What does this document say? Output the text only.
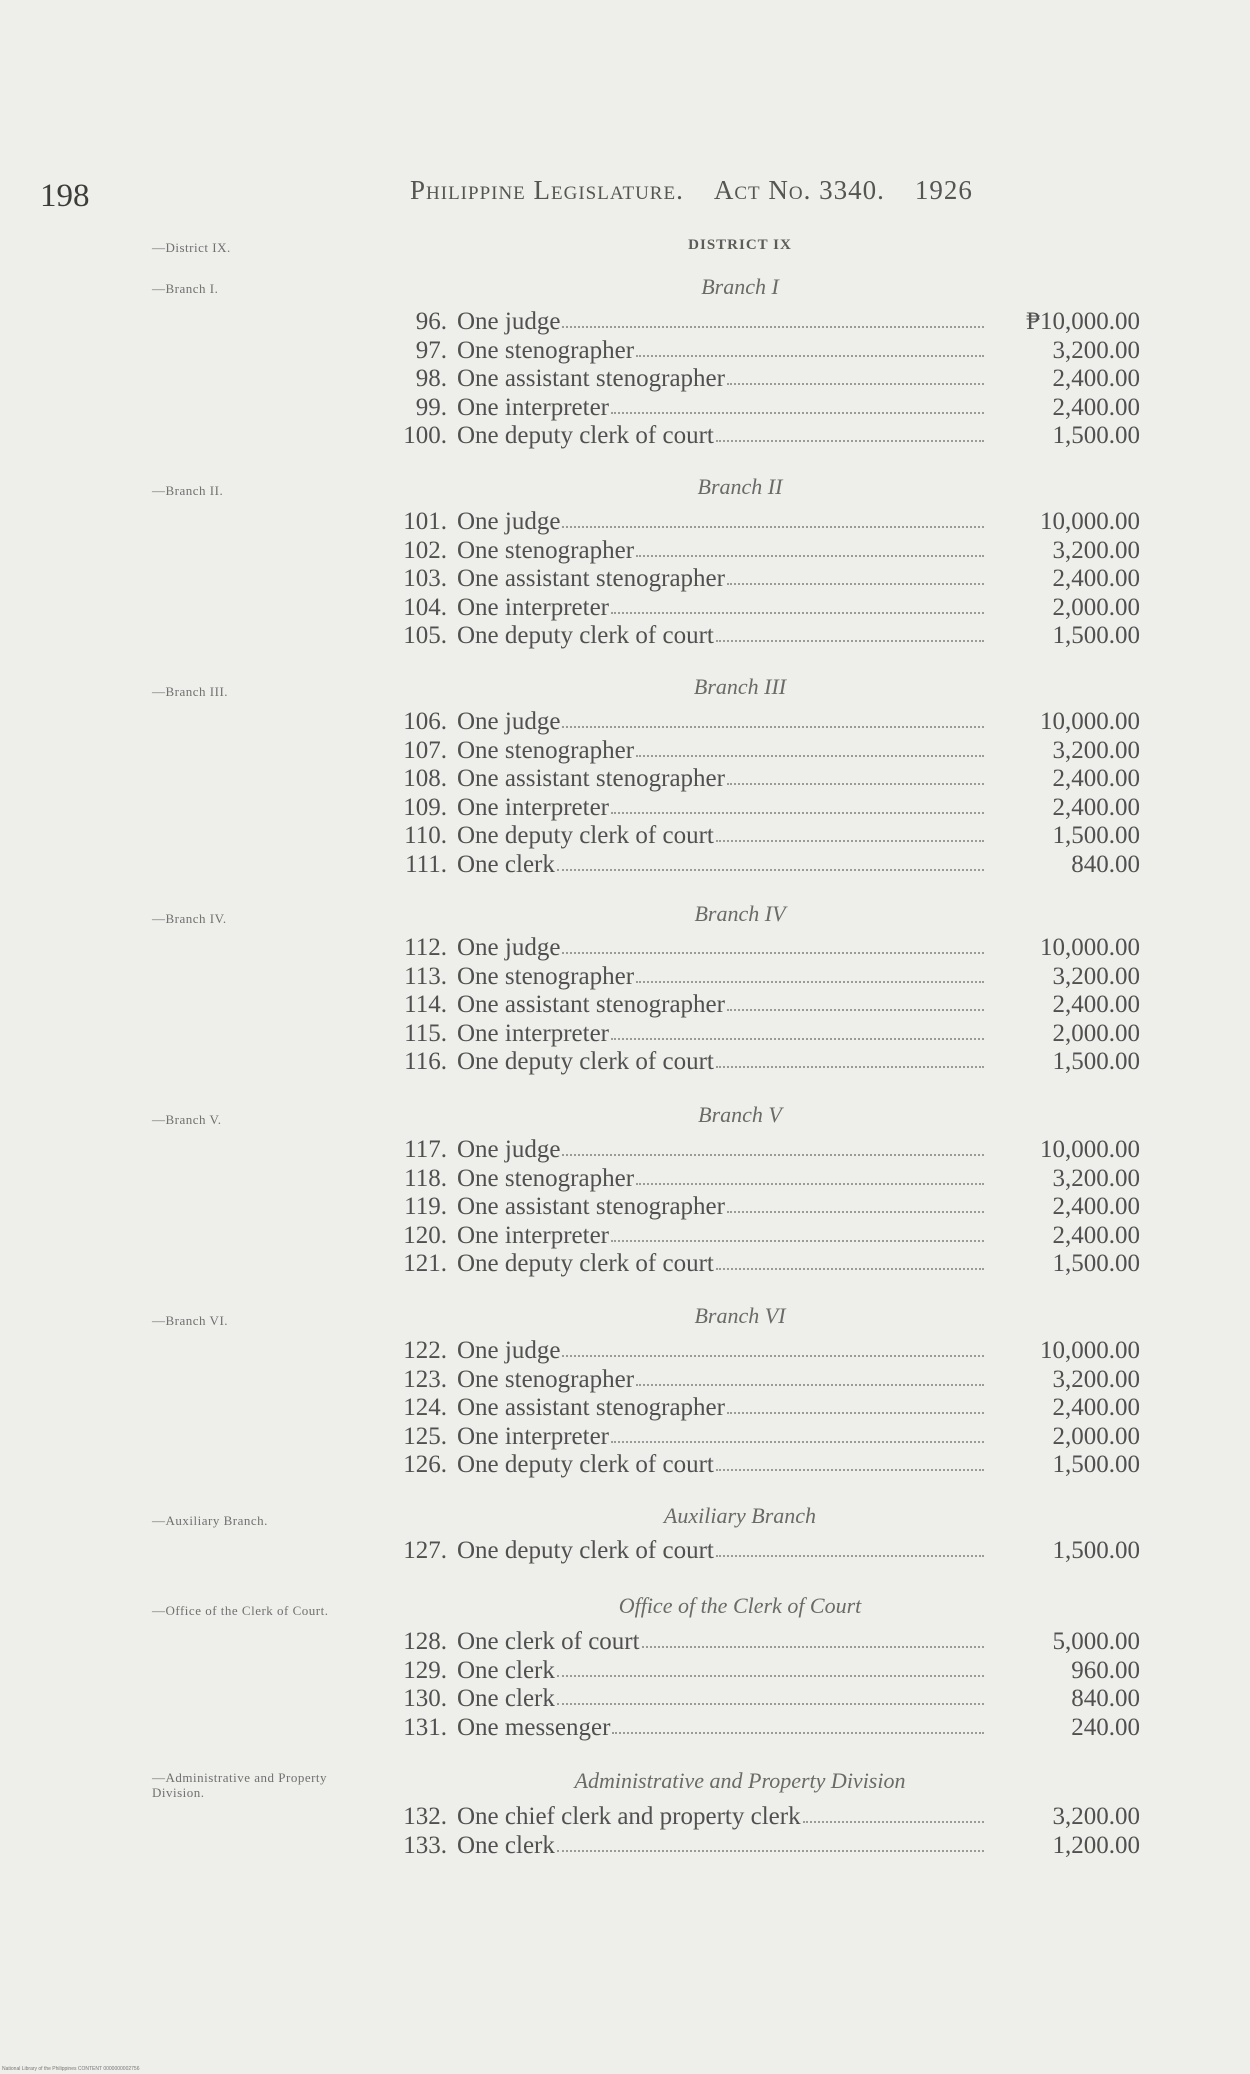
198	Philippine Legislature. Act No. 3340. 1926
—District IX.	DISTRICT IX
—Branch I.	Branch I
96. One judge	₱10,000.00
97. One stenographer	3,200.00
98. One assistant stenographer	2,400.00
99. One interpreter	2,400.00
100. One deputy clerk of court	1,500.00
—Branch II.	Branch II
101. One judge	10,000.00
102. One stenographer	3,200.00
103. One assistant stenographer	2,400.00
104. One interpreter	2,000.00
105. One deputy clerk of court	1,500.00
—Branch III.	Branch III
106. One judge	10,000.00
107. One stenographer	3,200.00
108. One assistant stenographer	2,400.00
109. One interpreter	2,400.00
110. One deputy clerk of court	1,500.00
111. One clerk	840.00
—Branch IV.	Branch IV
112. One judge	10,000.00
113. One stenographer	3,200.00
114. One assistant stenographer	2,400.00
115. One interpreter	2,000.00
116. One deputy clerk of court	1,500.00
—Branch V.	Branch V
117. One judge	10,000.00
118. One stenographer	3,200.00
119. One assistant stenographer	2,400.00
120. One interpreter	2,400.00
121. One deputy clerk of court	1,500.00
—Branch VI.	Branch VI
122. One judge	10,000.00
123. One stenographer	3,200.00
124. One assistant stenographer	2,400.00
125. One interpreter	2,000.00
126. One deputy clerk of court	1,500.00
—Auxiliary Branch.	Auxiliary Branch
127. One deputy clerk of court	1,500.00
—Office of the Clerk of Court.	Office of the Clerk of Court
128. One clerk of court	5,000.00
129. One clerk	960.00
130. One clerk	840.00
131. One messenger	240.00
—Administrative and Property Division.	Administrative and Property Division
132. One chief clerk and property clerk	3,200.00
133. One clerk	1,200.00
National Library of the Philippines CONTENT 0000000002756
